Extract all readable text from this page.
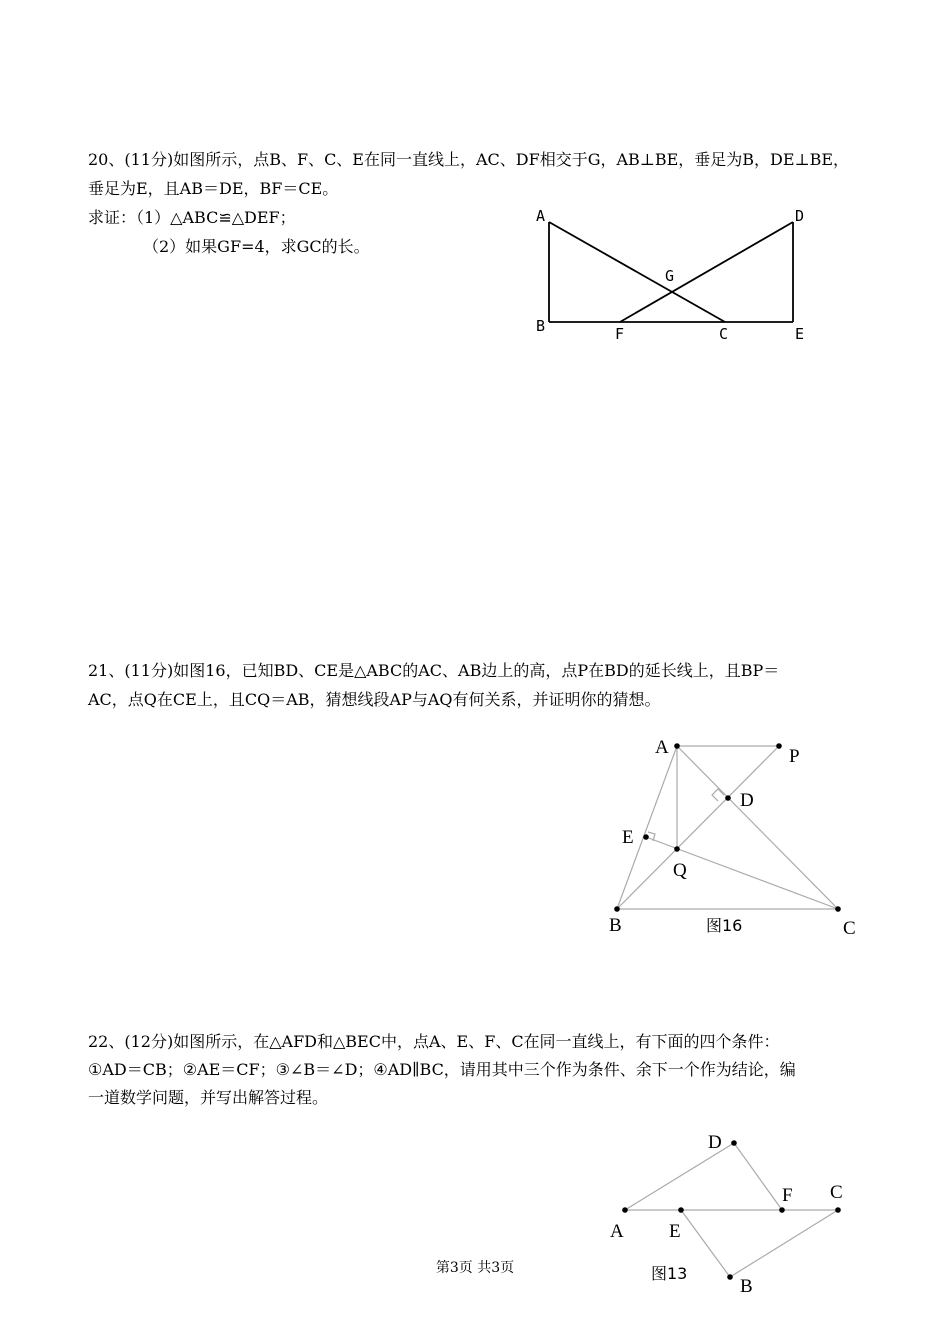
20、(11分)如图所示，点B、F、C、E在同一直线上，AC、DF相交于G，AB⊥BE，垂足为B，DE⊥BE，

垂足为E，且AB＝DE，BF＝CE。

求证：（1）△ABC≌△DEF；

（2）如果GF=4，求GC的长。

21、(11分)如图16，已知BD、CE是△ABC的AC、AB边上的高，点P在BD的延长线上，且BP＝

AC，点Q在CE上，且CQ＝AB，猜想线段AP与AQ有何关系，并证明你的猜想。

22、(12分)如图所示，在△AFD和△BEC中，点A、E、F、C在同一直线上，有下面的四个条件：

①AD＝CB；②AE＝CF；③∠B＝∠D；④AD∥BC，请用其中三个作为条件、余下一个作为结论，编

一道数学问题，并写出解答过程。

A
B	F	C	E
D
G
A	P
D
E
Q
B	C
图16
D
F C
A E
B
图13
第3页 共3页
